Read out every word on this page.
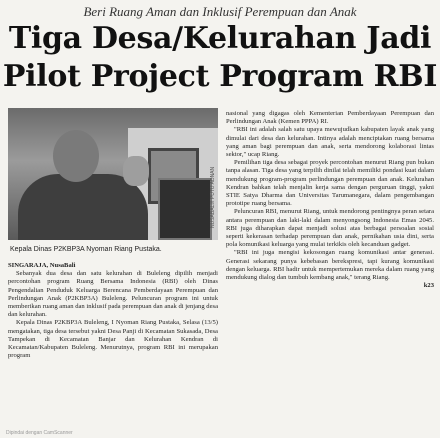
Beri Ruang Aman dan Inklusif Perempuan dan Anak
Tiga Desa/Kelurahan Jadi
Pilot Project Program RBI
NUSABALI/I PUTU ADNAN
Kepala Dinas P2KBP3A Nyoman Riang Pustaka.

SINGARAJA, NusaBali

Sebanyak dua desa dan satu kelurahan di Buleleng dipilih menjadi percontohan program Ruang Bersama Indonesia (RBI) oleh Dinas Pengendalian Penduduk Keluarga Berencana Pemberdayaan Perempuan dan Perlindungan Anak (P2KBP3A) Buleleng. Peluncuran program ini untuk memberikan ruang aman dan inklusif pada perempuan dan anak di jenjang desa dan kelurahan.

Kepala Dinas P2KBP3A Buleleng, I Nyoman Riang Pustaka, Selasa (13/5) mengatakan, tiga desa tersebut yakni Desa Panji di Kecamatan Sukasada, Desa Tampekan di Kecamatan Banjar dan Kelurahan Kendran di Kecamatan/Kabupaten Buleleng. Menurutnya, program RBI ini merupakan program

nasional yang digagas oleh Kementerian Pemberdayaan Perempuan dan Perlindungan Anak (Kemen PPPA) RI.

"RBI ini adalah salah satu upaya mewujudkan kabupaten layak anak yang dimulai dari desa dan kelurahan. Intinya adalah menciptakan ruang bersama yang aman bagi perempuan dan anak, serta mendorong kolaborasi lintas sektor," ucap Riang.

Pemilihan tiga desa sebagai proyek percontohan menurut Riang pun bukan tanpa alasan. Tiga desa yang terpilih dinilai telah memiliki pondasi kuat dalam mendukung program-program perlindungan perempuan dan anak. Kelurahan Kendran bahkan telah menjalin kerja sama dengan perguruan tinggi, yakni STIE Satya Dharma dan Universitas Tarumanegara, dalam pengembangan prototipe ruang bersama.

Peluncuran RBI, menurut Riang, untuk mendorong pentingnya peran setara antara perempuan dan laki-laki dalam menyongsong Indonesia Emas 2045. RBI juga diharapkan dapat menjadi solusi atas berbagai persoalan sosial seperti kekerasan terhadap perempuan dan anak, pernikahan usia dini, serta pola komunikasi keluarga yang mulai terkikis oleh kecanduan gadget.

"RBI ini juga mengisi kekosongan ruang komunikasi antar generasi. Generasi sekarang punya kebebasan berekspresi, tapi kurang komunikasi dengan keluarga. RBI hadir untuk mempertemukan mereka dalam ruang yang mendukung dialog dan tumbuh kembang anak," terang Riang.

k23

Dipindai dengan CamScanner
